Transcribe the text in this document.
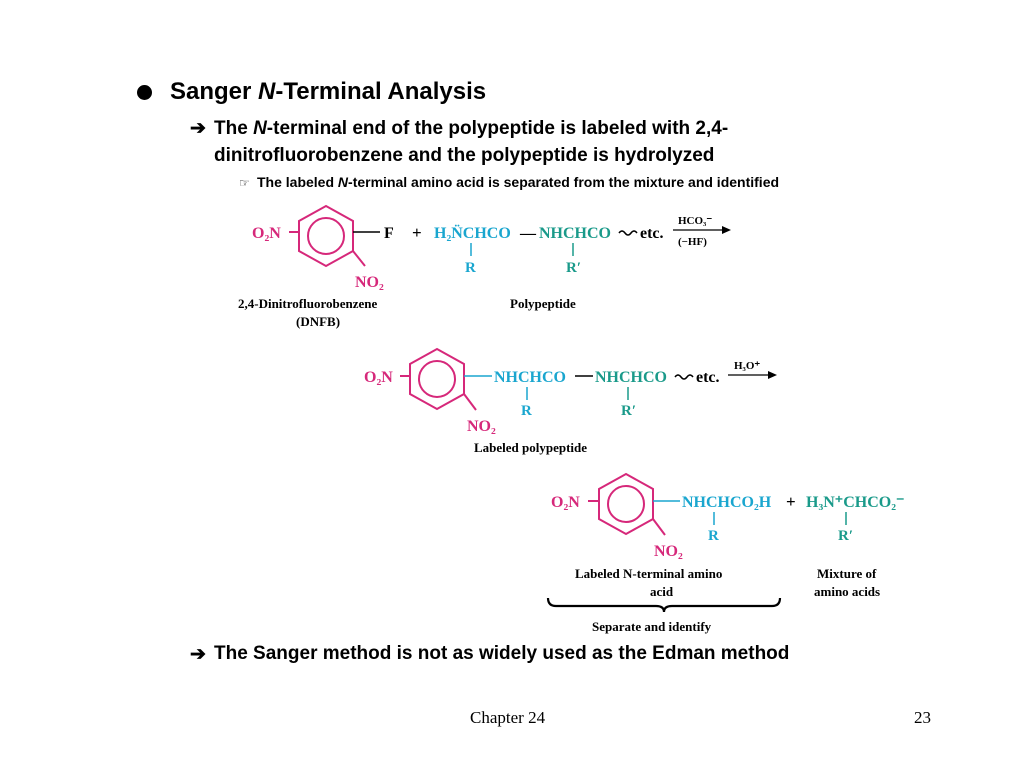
Sanger N-Terminal Analysis
➔ The N-terminal end of the polypeptide is labeled with 2,4-dinitrofluorobenzene and the polypeptide is hydrolyzed
☞ The labeled N-terminal amino acid is separated from the mixture and identified
O₂N	F
NO₂
+ H₂N̈CHCO — NHCHCO etc.
R	R′
HCO₃⁻
(−HF)
2,4-Dinitrofluorobenzene
(DNFB)
Polypeptide
O₂N
NO₂
NHCHCO NHCHCO etc.
R	R′
H₃O⁺
Labeled polypeptide
O₂N
NO₂
NHCHCO₂H
R
+ H₃N⁺CHCO₂⁻
R′
Labeled N-terminal amino
acid
Mixture of
amino acids
Separate and identify
➔ The Sanger method is not as widely used as the Edman method
Chapter 24	23
